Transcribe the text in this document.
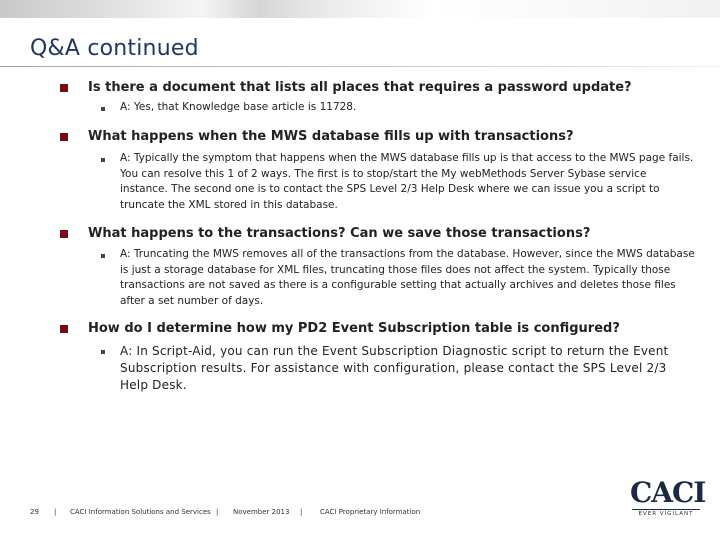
Q&A continued
Is there a document that lists all places that requires a password update?
A: Yes, that Knowledge base article is 11728.
What happens when the MWS database fills up with transactions?
A: Typically the symptom that happens when the MWS database fills up is that access to the MWS page fails. You can resolve this 1 of 2 ways. The first is to stop/start the My webMethods Server Sybase service instance. The second one is to contact the SPS Level 2/3 Help Desk where we can issue you a script to truncate the XML stored in this database.
What happens to the transactions? Can we save those transactions?
A: Truncating the MWS removes all of the transactions from the database. However, since the MWS database is just a storage database for XML files, truncating those files does not affect the system. Typically those transactions are not saved as there is a configurable setting that actually archives and deletes those files after a set number of days.
How do I determine how my PD2 Event Subscription table is configured?
A: In Script-Aid, you can run the Event Subscription Diagnostic script to return the Event Subscription results. For assistance with configuration, please contact the SPS Level 2/3 Help Desk.
29 | CACI Information Solutions and Services | November 2013 |	CACI Proprietary Information
CACI
EVER VIGILANT
